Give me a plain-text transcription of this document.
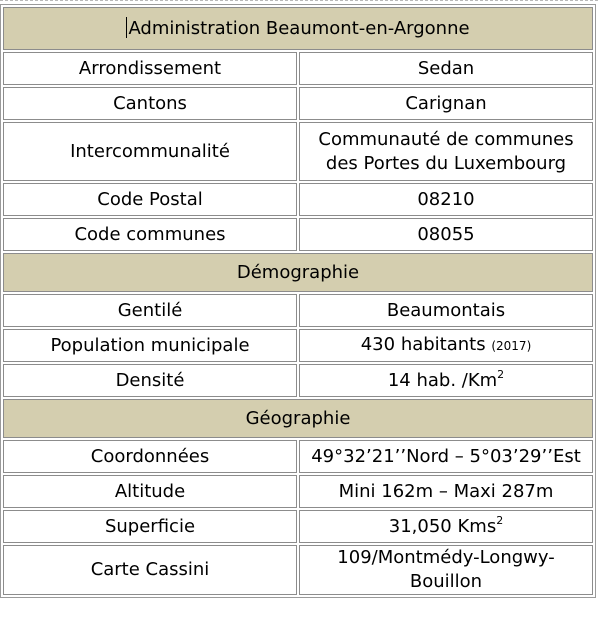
Administration Beaumont-en-Argonne	
Arrondissement	Sedan
Cantons	Carignan
Intercommunalité	Communauté de communes
des Portes du Luxembourg
Code Postal	08210
Code communes	08055
Démographie	
Gentilé	Beaumontais
Population municipale	430 habitants (2017)
Densité	14 hab. /Km$^2$
Géographie	
Coordonnées	49°32’21’’Nord – 5°03’29’’Est
Altitude	Mini 162m – Maxi 287m
Superficie	31,050 Kms$^2$
Carte Cassini	109/Montmédy-Longwy-Bouillon
